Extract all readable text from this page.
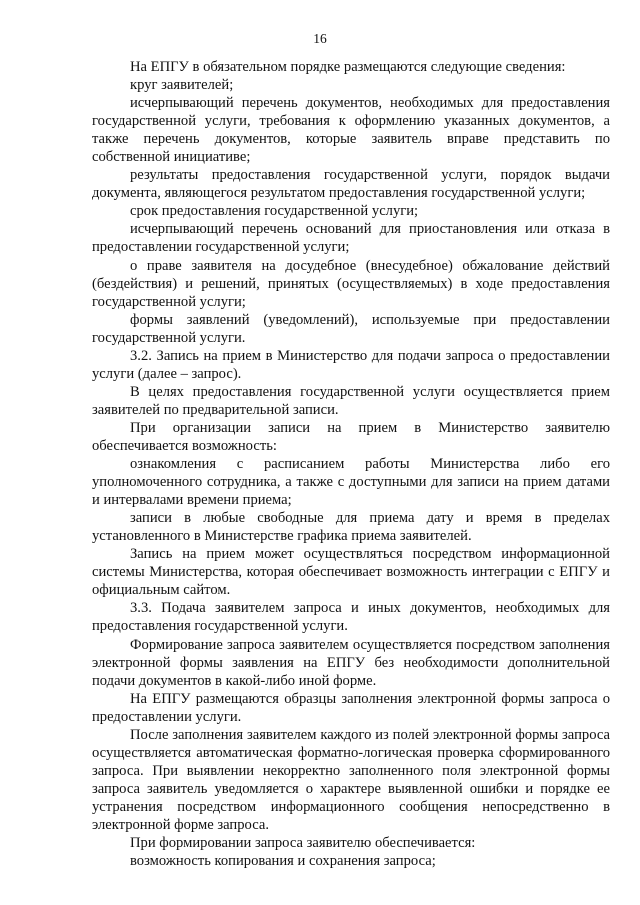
16

На ЕПГУ в обязательном порядке размещаются следующие сведения:

круг заявителей;

исчерпывающий перечень документов, необходимых для предоставления государственной услуги, требования к оформлению указанных документов, а также перечень документов, которые заявитель вправе представить по собственной инициативе;

результаты предоставления государственной услуги, порядок выдачи документа, являющегося результатом предоставления государственной услуги;

срок предоставления государственной услуги;

исчерпывающий перечень оснований для приостановления или отказа в предоставлении государственной услуги;

о праве заявителя на досудебное (внесудебное) обжалование действий (бездействия) и решений, принятых (осуществляемых) в ходе предоставления государственной услуги;

формы заявлений (уведомлений), используемые при предоставлении государственной услуги.

3.2. Запись на прием в Министерство для подачи запроса о предоставлении услуги (далее – запрос).

В целях предоставления государственной услуги осуществляется прием заявителей по предварительной записи.

При организации записи на прием в Министерство заявителю обеспечивается возможность:

ознакомления с расписанием работы Министерства либо его уполномоченного сотрудника, а также с доступными для записи на прием датами и интервалами времени приема;

записи в любые свободные для приема дату и время в пределах установленного в Министерстве графика приема заявителей.

Запись на прием может осуществляться посредством информационной системы Министерства, которая обеспечивает возможность интеграции с ЕПГУ и официальным сайтом.

3.3. Подача заявителем запроса и иных документов, необходимых для предоставления государственной услуги.

Формирование запроса заявителем осуществляется посредством заполнения электронной формы заявления на ЕПГУ без необходимости дополнительной подачи документов в какой-либо иной форме.

На ЕПГУ размещаются образцы заполнения электронной формы запроса о предоставлении услуги.

После заполнения заявителем каждого из полей электронной формы запроса осуществляется автоматическая форматно-логическая проверка сформированного запроса. При выявлении некорректно заполненного поля электронной формы запроса заявитель уведомляется о характере выявленной ошибки и порядке ее устранения посредством информационного сообщения непосредственно в электронной форме запроса.

При формировании запроса заявителю обеспечивается:

возможность копирования и сохранения запроса;
